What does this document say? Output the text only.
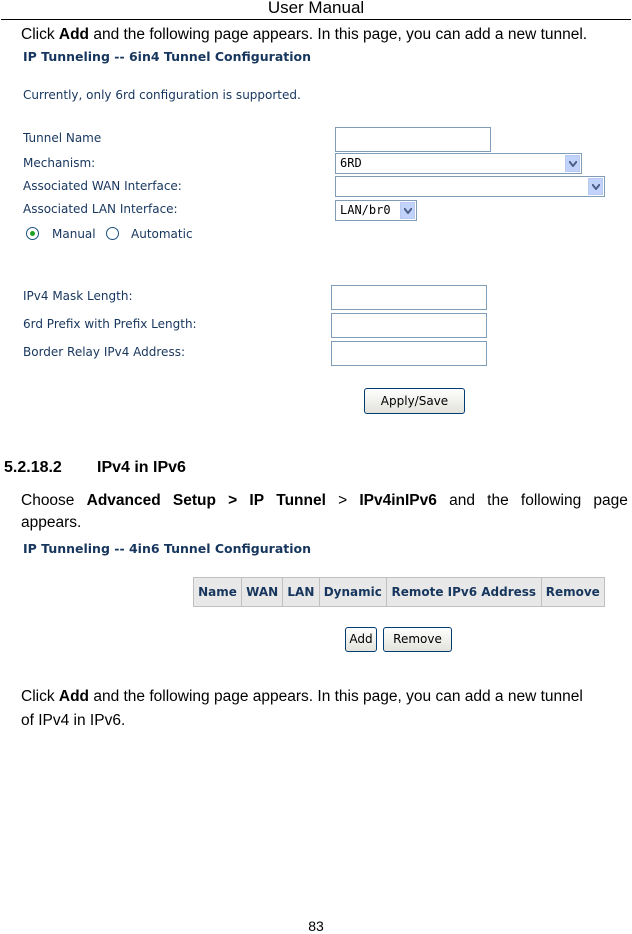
User Manual
Click Add and the following page appears. In this page, you can add a new tunnel.
IP Tunneling -- 6in4 Tunnel Configuration
Currently, only 6rd configuration is supported.
Tunnel Name
Mechanism:	6RD
Associated WAN Interface:
Associated LAN Interface:	LAN/br0
Manual	Automatic
IPv4 Mask Length:
6rd Prefix with Prefix Length:
Border Relay IPv4 Address:
Apply/Save
5.2.18.2 IPv4 in IPv6
Choose Advanced Setup > IP Tunnel > IPv4inIPv6 and the following page
appears.
IP Tunneling -- 4in6 Tunnel Configuration
Name	WAN	LAN	Dynamic	Remote IPv6 Address	Remove
Add	Remove
Click Add and the following page appears. In this page, you can add a new tunnel
of IPv4 in IPv6.
83
